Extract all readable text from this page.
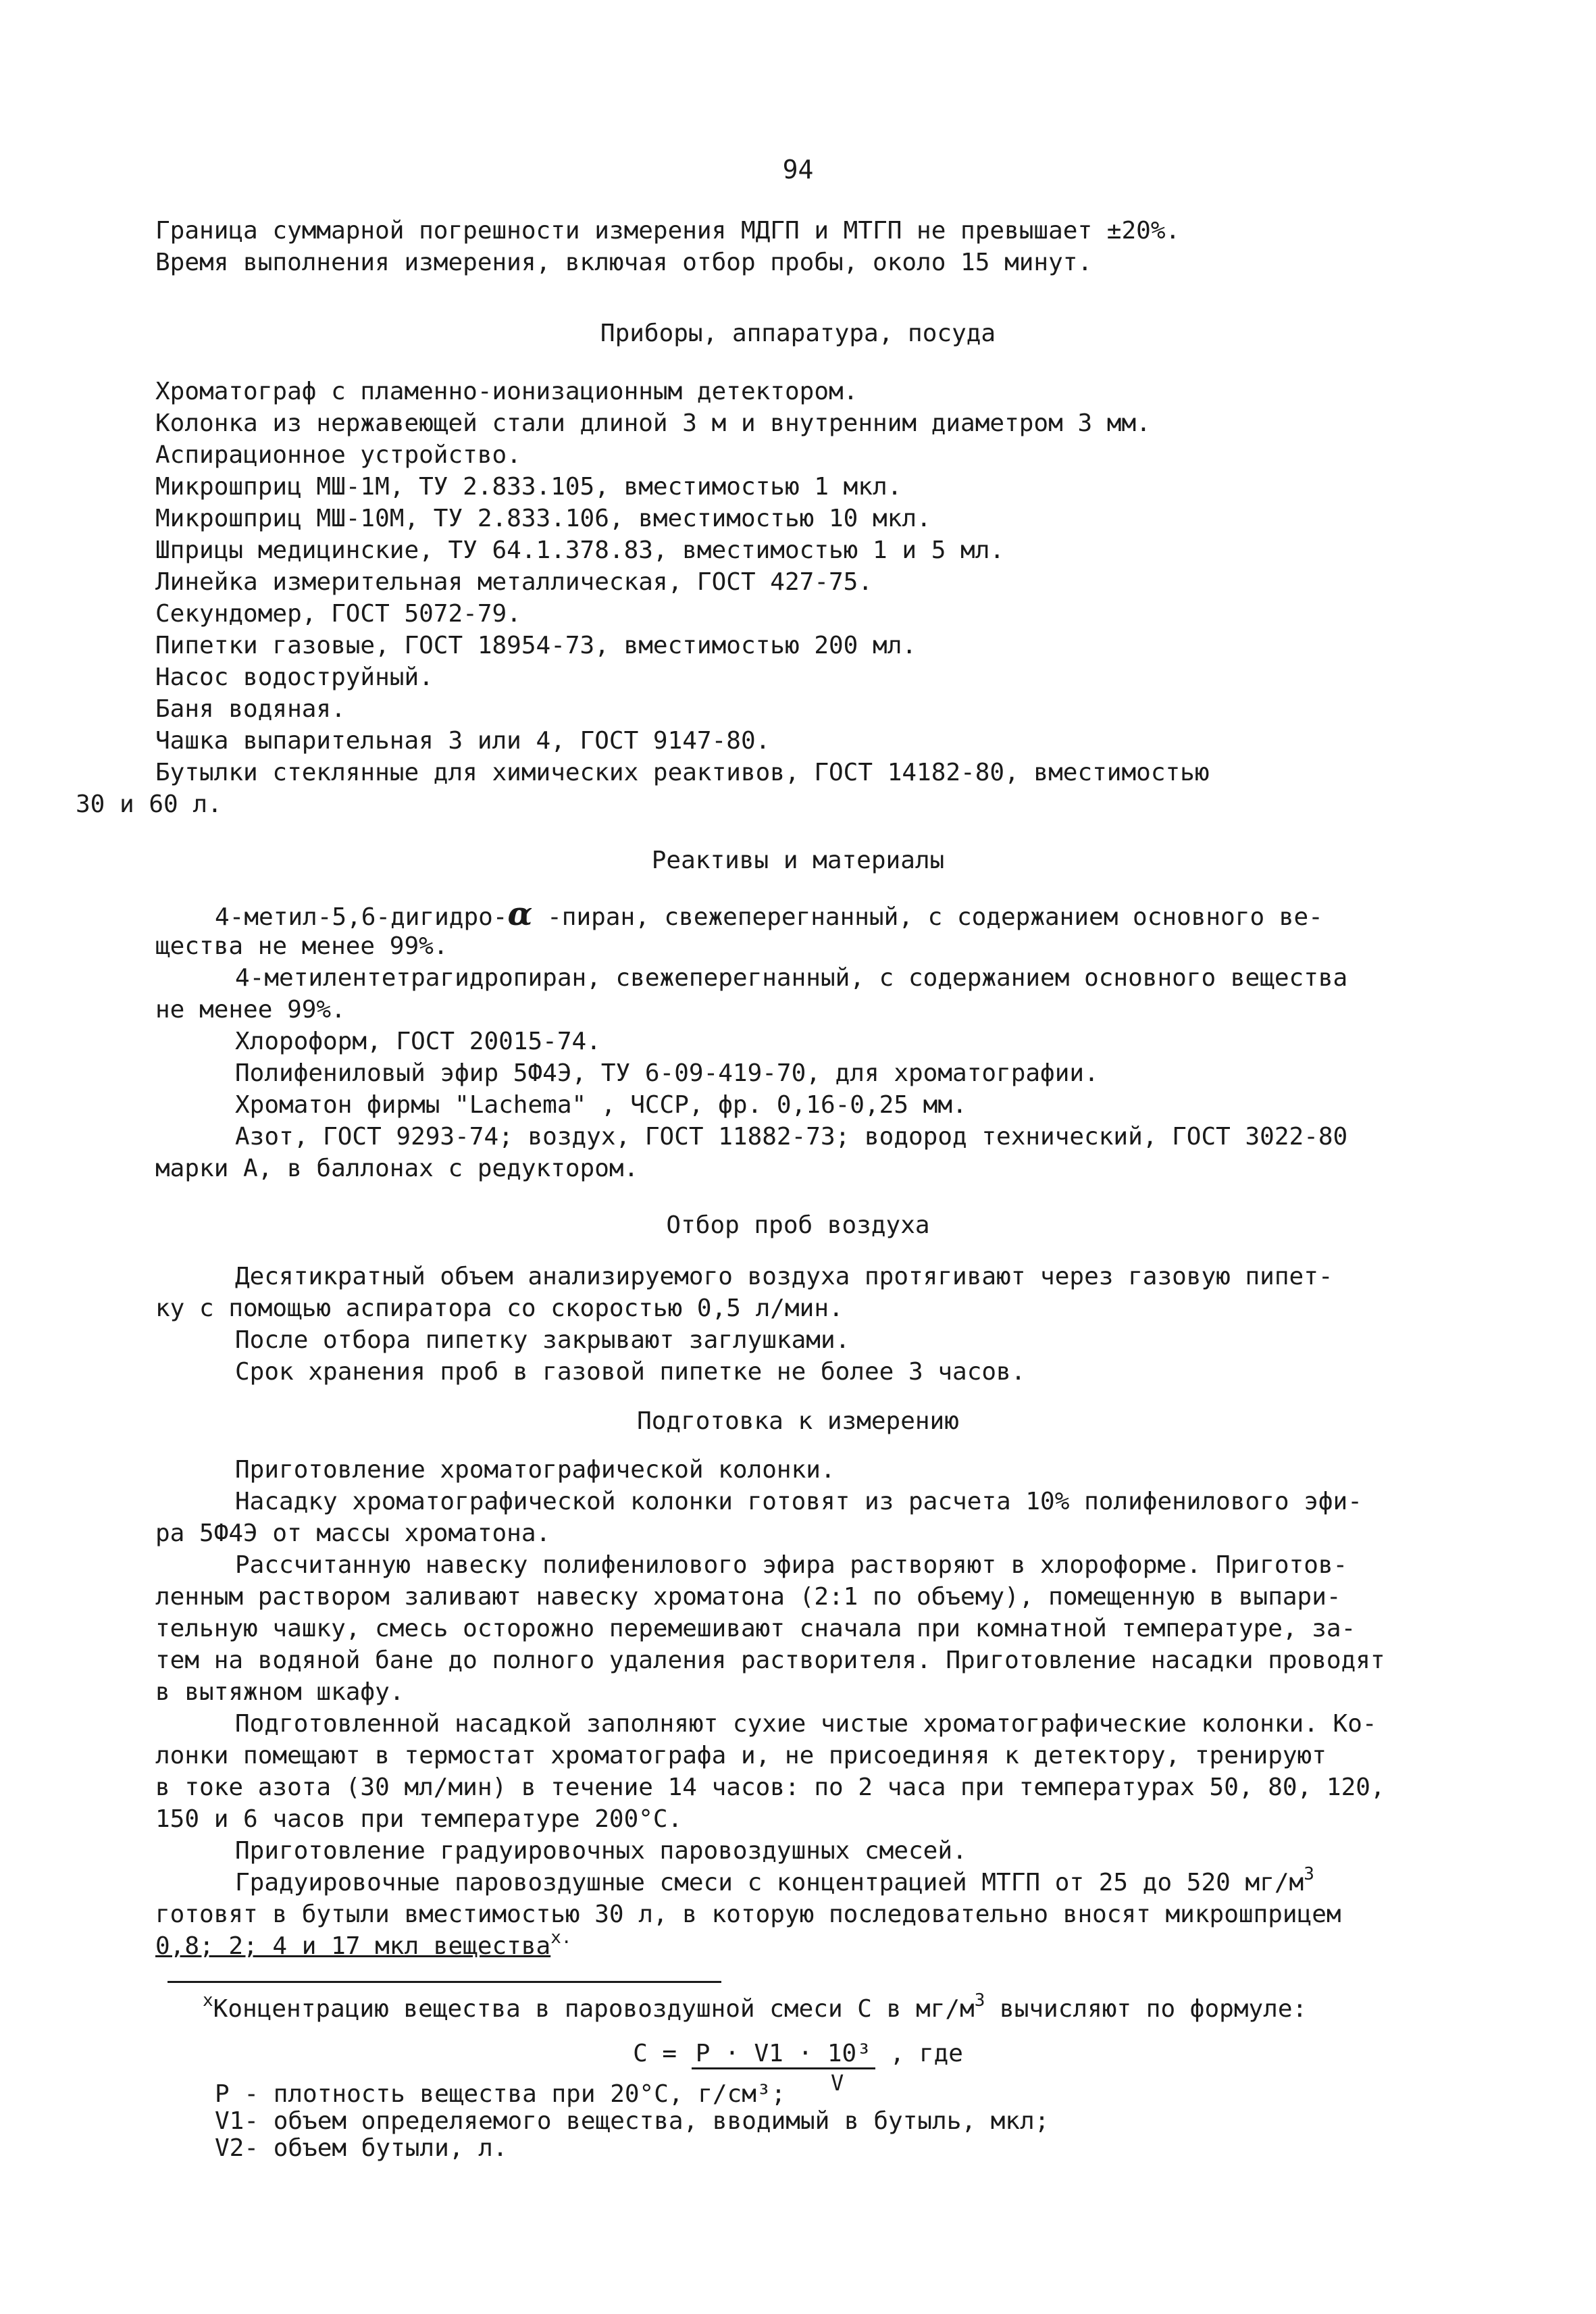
94
Граница суммарной погрешности измерения МДГП и МТГП не превышает ±20%.
Время выполнения измерения, включая отбор пробы, около 15 минут.
Приборы, аппаратура, посуда
Хроматограф с пламенно-ионизационным детектором.
Колонка из нержавеющей стали длиной 3 м и внутренним диаметром 3 мм.
Аспирационное устройство.
Микрошприц МШ-1М, ТУ 2.833.105, вместимостью 1 мкл.
Микрошприц МШ-10М, ТУ 2.833.106, вместимостью 10 мкл.
Шприцы медицинские, ТУ 64.1.378.83, вместимостью 1 и 5 мл.
Линейка измерительная металлическая, ГОСТ 427-75.
Секундомер, ГОСТ 5072-79.
Пипетки газовые, ГОСТ 18954-73, вместимостью 200 мл.
Насос водоструйный.
Баня водяная.
Чашка выпарительная 3 или 4, ГОСТ 9147-80.
Бутылки стеклянные для химических реактивов, ГОСТ 14182-80, вместимостью
30 и 60 л.
Реактивы и материалы
4-метил-5,6-дигидро-α -пиран, свежеперегнанный, с содержанием основного ве-
щества не менее 99%.
4-метилентетрагидропиран, свежеперегнанный, с содержанием основного вещества
не менее 99%.
Хлороформ, ГОСТ 20015-74.
Полифениловый эфир 5Ф4Э, ТУ 6-09-419-70, для хроматографии.
Хроматон фирмы "Lachema" , ЧССР, фр. 0,16-0,25 мм.
Азот, ГОСТ 9293-74; воздух, ГОСТ 11882-73; водород технический, ГОСТ 3022-80
марки А, в баллонах с редуктором.
Отбор проб воздуха
Десятикратный объем анализируемого воздуха протягивают через газовую пипет-
ку с помощью аспиратора со скоростью 0,5 л/мин.
После отбора пипетку закрывают заглушками.
Срок хранения проб в газовой пипетке не более 3 часов.
Подготовка к измерению
Приготовление хроматографической колонки.
Насадку хроматографической колонки готовят из расчета 10% полифенилового эфи-
ра 5Ф4Э от массы хроматона.
Рассчитанную навеску полифенилового эфира растворяют в хлороформе. Приготов-
ленным раствором заливают навеску хроматона (2:1 по объему), помещенную в выпари-
тельную чашку, смесь осторожно перемешивают сначала при комнатной температуре, за-
тем на водяной бане до полного удаления растворителя. Приготовление насадки проводят
в вытяжном шкафу.
Подготовленной насадкой заполняют сухие чистые хроматографические колонки. Ко-
лонки помещают в термостат хроматографа и, не присоединяя к детектору, тренируют
в токе азота (30 мл/мин) в течение 14 часов: по 2 часа при температурах 50, 80, 120,
150 и 6 часов при температуре 200°С.
Приготовление градуировочных паровоздушных смесей.
Градуировочные паровоздушные смеси с концентрацией МТГП от 25 до 520 $мг/м^3$
готовят в бутыли вместимостью 30 л, в которую последовательно вносят микрошприцем
0,8; 2; 4 и 17 мкл вещества$^{x.}$
$^x$Концентрацию вещества в паровоздушной смеси С в $мг/м^3$ вычисляют по формуле:
С = Р · V1 · 10³ , где
V
Р - плотность вещества при 20°С, г/см³;
V1- объем определяемого вещества, вводимый в бутыль, мкл;
V2- объем бутыли, л.
